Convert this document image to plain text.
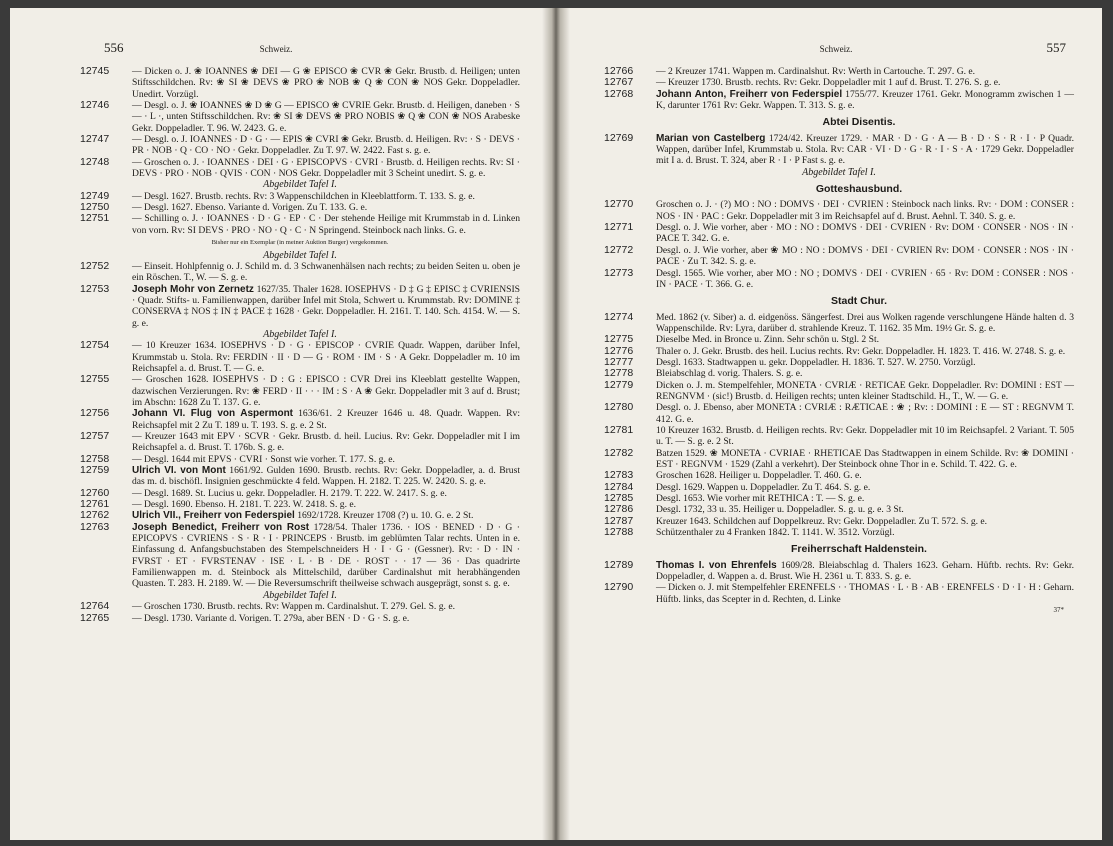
556	Schweiz.
12745 — Dicken o. J. ❀ IOANNES ❀ DEI — G ❀ EPISCO ❀ CVR ❀ Gekr. Brustb. d. Heiligen; unten Stiftsschildchen. Rv: ❀ SI ❀ DEVS ❀ PRO ❀ NOB ❀ Q ❀ CON ❀ NOS Gekr. Doppeladler. Unedirt. Vorzügl.
12746 — Desgl. o. J. ❀ IOANNES ❀ D ❀ G — EPISCO ❀ CVRIE Gekr. Brustb. d. Heiligen, daneben · S — · L ·, unten Stiftsschildchen. Rv: ❀ SI ❀ DEVS ❀ PRO NOBIS ❀ Q ❀ CON ❀ NOS Arabeske Gekr. Doppeladler. T. 96. W. 2423. G. e.
12747 — Desgl. o. J. IOANNES · D · G · — EPIS ❀ CVRI ❀ Gekr. Brustb. d. Heiligen. Rv: · S · DEVS · PR · NOB · Q · CO · NO · Gekr. Doppeladler. Zu T. 97. W. 2422. Fast s. g. e.
12748 — Groschen o. J. · IOANNES · DEI · G · EPISCOPVS · CVRI · Brustb. d. Heiligen rechts. Rv: SI · DEVS · PRO · NOB · QVIS · CON · NOS Gekr. Doppeladler mit 3 Scheint unedirt. S. g. e.
Abgebildet Tafel I.
12749 — Desgl. 1627. Brustb. rechts. Rv: 3 Wappenschildchen in Kleeblattform. T. 133. S. g. e.
12750 — Desgl. 1627. Ebenso. Variante d. Vorigen. Zu T. 133. G. e.
12751 — Schilling o. J. · IOANNES · D · G · EP · C · Der stehende Heilige mit Krummstab in d. Linken von vorn. Rv: SI DEVS · PRO · NO · Q · C · N Springend. Steinbock nach links. G. e.
Bisher nur ein Exemplar (in meiner Auktion Burger) vergekommen.
Abgebildet Tafel I.
12752 — Einseit. Hohlpfennig o. J. Schild m. d. 3 Schwanenhälsen nach rechts; zu beiden Seiten u. oben je ein Röschen. T., W. — S. g. e.
12753 Joseph Mohr von Zernetz 1627/35. Thaler 1628. IOSEPHVS · D ‡ G ‡ EPISC ‡ CVRIENSIS · Quadr. Stifts- u. Familienwappen, darüber Infel mit Stola, Schwert u. Krummstab. Rv: DOMINE ‡ CONSERVA ‡ NOS ‡ IN ‡ PACE ‡ 1628 · Gekr. Doppeladler. H. 2161. T. 140. Sch. 4154. W. — S. g. e.
Abgebildet Tafel I.
12754 — 10 Kreuzer 1634. IOSEPHVS · D · G · EPISCOP · CVRIE Quadr. Wappen, darüber Infel, Krummstab u. Stola. Rv: FERDIN · II · D — G · ROM · IM · S · A Gekr. Doppeladler m. 10 im Reichsapfel a. d. Brust. T. — G. e.
12755 — Groschen 1628. IOSEPHVS · D : G : EPISCO : CVR Drei ins Kleeblatt gestellte Wappen, dazwischen Verzierungen. Rv: ❀ FERD · II · · · IM : S · A ❀ Gekr. Doppeladler mit 3 auf d. Brust; im Abschn: 1628 Zu T. 137. G. e.
12756 Johann VI. Flug von Aspermont 1636/61. 2 Kreuzer 1646 u. 48. Quadr. Wappen. Rv: Reichsapfel mit 2 Zu T. 189 u. T. 193. S. g. e. 2 St.
12757 — Kreuzer 1643 mit EPV · SCVR · Gekr. Brustb. d. heil. Lucius. Rv: Gekr. Doppeladler mit I im Reichsapfel a. d. Brust. T. 176b. S. g. e.
12758 — Desgl. 1644 mit EPVS · CVRI · Sonst wie vorher. T. 177. S. g. e.
12759 Ulrich VI. von Mont 1661/92. Gulden 1690. Brustb. rechts. Rv: Gekr. Doppeladler, a. d. Brust das m. d. bischöfl. Insignien geschmückte 4 feld. Wappen. H. 2182. T. 225. W. 2420. S. g. e.
12760 — Desgl. 1689. St. Lucius u. gekr. Doppeladler. H. 2179. T. 222. W. 2417. S. g. e.
12761 — Desgl. 1690. Ebenso. H. 2181. T. 223. W. 2418. S. g. e.
12762 Ulrich VII., Freiherr von Federspiel 1692/1728. Kreuzer 1708 (?) u. 10. G. e. 2 St.
12763 Joseph Benedict, Freiherr von Rost 1728/54. Thaler 1736. · IOS · BENED · D · G · EPICOPVS · CVRIENS · S · R · I · PRINCEPS · Brustb. im geblümten Talar rechts. Unten in e. Einfassung d. Anfangsbuchstaben des Stempelschneiders H · I · G · (Gessner). Rv: · D · IN · FVRST · ET · FVRSTENAV · ISE · L · B · DE · ROST · · 17 — 36 · Das quadrirte Familienwappen m. d. Steinbock als Mittelschild, darüber Cardinalshut mit herabhängenden Quasten. T. 283. H. 2189. W. — Die Reversumschrift theilweise schwach ausgeprägt, sonst s. g. e.
Abgebildet Tafel I.
12764 — Groschen 1730. Brustb. rechts. Rv: Wappen m. Cardinalshut. T. 279. Gel. S. g. e.
12765 — Desgl. 1730. Variante d. Vorigen. T. 279a, aber BEN · D · G · S. g. e.
Schweiz.	557
12766 — 2 Kreuzer 1741. Wappen m. Cardinalshut. Rv: Werth in Cartouche. T. 297. G. e.
12767 — Kreuzer 1730. Brustb. rechts. Rv: Gekr. Doppeladler mit 1 auf d. Brust. T. 276. S. g. e.
12768 Johann Anton, Freiherr von Federspiel 1755/77. Kreuzer 1761. Gekr. Monogramm zwischen 1 — K, darunter 1761 Rv: Gekr. Wappen. T. 313. S. g. e.
Abtei Disentis.
12769 Marian von Castelberg 1724/42. Kreuzer 1729. · MAR · D · G · A — B · D · S · R · I · P Quadr. Wappen, darüber Infel, Krummstab u. Stola. Rv: CAR · VI · D · G · R · I · S · A · 1729 Gekr. Doppeladler mit I a. d. Brust. T. 324, aber R · I · P Fast s. g. e.
Abgebildet Tafel I.
Gotteshausbund.
12770 Groschen o. J. · (?) MO : NO : DOMVS · DEI · CVRIEN : Steinbock nach links. Rv: · DOM : CONSER : NOS · IN · PAC : Gekr. Doppeladler mit 3 im Reichsapfel auf d. Brust. Aehnl. T. 340. S. g. e.
12771 Desgl. o. J. Wie vorher, aber · MO : NO : DOMVS · DEI · CVRIEN · Rv: DOM · CONSER · NOS · IN · PACE T. 342. G. e.
12772 Desgl. o. J. Wie vorher, aber ❀ MO : NO : DOMVS · DEI · CVRIEN Rv: DOM · CONSER : NOS · IN · PACE · Zu T. 342. S. g. e.
12773 Desgl. 1565. Wie vorher, aber MO : NO ; DOMVS · DEI · CVRIEN · 65 · Rv: DOM : CONSER : NOS · IN · PACE · T. 366. G. e.
Stadt Chur.
12774 Med. 1862 (v. Siber) a. d. eidgenöss. Sängerfest. Drei aus Wolken ragende verschlungene Hände halten d. 3 Wappenschilde. Rv: Lyra, darüber d. strahlende Kreuz. T. 1162. 35 Mm. 19½ Gr. S. g. e.
12775 Dieselbe Med. in Bronce u. Zinn. Sehr schön u. Stgl. 2 St.
12776 Thaler o. J. Gekr. Brustb. des heil. Lucius rechts. Rv: Gekr. Doppeladler. H. 1823. T. 416. W. 2748. S. g. e.
12777 Desgl. 1633. Stadtwappen u. gekr. Doppeladler. H. 1836. T. 527. W. 2750. Vorzügl.
12778 Bleiabschlag d. vorig. Thalers. S. g. e.
12779 Dicken o. J. m. Stempelfehler, MONETA · CVRIÆ · RETICAE Gekr. Doppeladler. Rv: DOMINI : EST — RENGNVM · (sic!) Brustb. d. Heiligen rechts; unten kleiner Stadtschild. H., T., W. — G. e.
12780 Desgl. o. J. Ebenso, aber MONETA : CVRIÆ : RÆTICAE : ❀ ; Rv: : DOMINI : E — ST : REGNVM T. 412. G. e.
12781 10 Kreuzer 1632. Brustb. d. Heiligen rechts. Rv: Gekr. Doppeladler mit 10 im Reichsapfel. 2 Variant. T. 505 u. T. — S. g. e. 2 St.
12782 Batzen 1529. ❀ MONETA · CVRIAE · RHETICAE Das Stadtwappen in einem Schilde. Rv: ❀ DOMINI · EST · REGNVM · 1529 (Zahl a verkehrt). Der Steinbock ohne Thor in e. Schild. T. 422. G. e.
12783 Groschen 1628. Heiliger u. Doppeladler. T. 460. G. e.
12784 Desgl. 1629. Wappen u. Doppeladler. Zu T. 464. S. g. e.
12785 Desgl. 1653. Wie vorher mit RETHICA : T. — S. g. e.
12786 Desgl. 1732, 33 u. 35. Heiliger u. Doppeladler. S. g. u. g. e. 3 St.
12787 Kreuzer 1643. Schildchen auf Doppelkreuz. Rv: Gekr. Doppeladler. Zu T. 572. S. g. e.
12788 Schützenthaler zu 4 Franken 1842. T. 1141. W. 3512. Vorzügl.
Freiherrschaft Haldenstein.
12789 Thomas I. von Ehrenfels 1609/28. Bleiabschlag d. Thalers 1623. Geharn. Hüftb. rechts. Rv: Gekr. Doppeladler, d. Wappen a. d. Brust. Wie H. 2361 u. T. 833. S. g. e.
12790 — Dicken o. J. mit Stempelfehler ERENFELS · · THOMAS · L · B · AB · ERENFELS · D · I · H : Geharn. Hüftb. links, das Scepter in d. Rechten, d. Linke
37*
